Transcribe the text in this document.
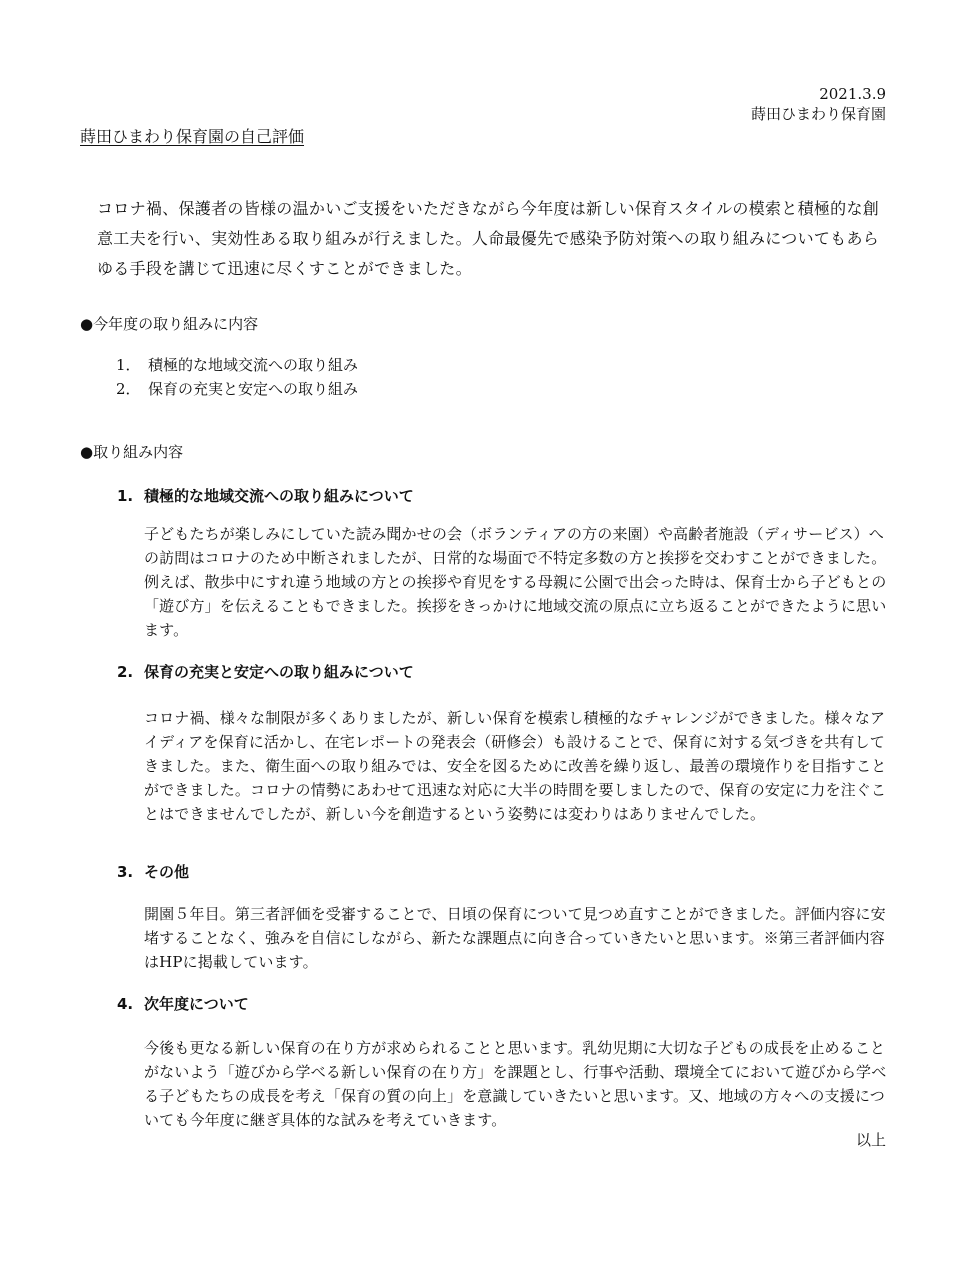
2021.3.9
蒔田ひまわり保育園
蒔田ひまわり保育園の自己評価

コロナ禍、保護者の皆様の温かいご支援をいただきながら今年度は新しい保育スタイルの模索と積極的な創意工夫を行い、実効性ある取り組みが行えました。人命最優先で感染予防対策への取り組みについてもあらゆる手段を講じて迅速に尽くすことができました。

●今年度の取り組みに内容
1． 積極的な地域交流への取り組み
2． 保育の充実と安定への取り組み
●取り組み内容
1. 積極的な地域交流への取り組みについて

子どもたちが楽しみにしていた読み聞かせの会（ボランティアの方の来園）や高齢者施設（ディサービス）への訪問はコロナのため中断されましたが、日常的な場面で不特定多数の方と挨拶を交わすことができました。例えば、散歩中にすれ違う地域の方との挨拶や育児をする母親に公園で出会った時は、保育士から子どもとの「遊び方」を伝えることもできました。挨拶をきっかけに地域交流の原点に立ち返ることができたように思います。

2. 保育の充実と安定への取り組みについて

コロナ禍、様々な制限が多くありましたが、新しい保育を模索し積極的なチャレンジができました。様々なアイディアを保育に活かし、在宅レポートの発表会（研修会）も設けることで、保育に対する気づきを共有してきました。また、衛生面への取り組みでは、安全を図るために改善を繰り返し、最善の環境作りを目指すことができました。コロナの情勢にあわせて迅速な対応に大半の時間を要しましたので、保育の安定に力を注ぐことはできませんでしたが、新しい今を創造するという姿勢には変わりはありませんでした。

3. その他

開園５年目。第三者評価を受審することで、日頃の保育について見つめ直すことができました。評価内容に安堵することなく、強みを自信にしながら、新たな課題点に向き合っていきたいと思います。※第三者評価内容はHPに掲載しています。

4. 次年度について

今後も更なる新しい保育の在り方が求められることと思います。乳幼児期に大切な子どもの成長を止めることがないよう「遊びから学べる新しい保育の在り方」を課題とし、行事や活動、環境全てにおいて遊びから学べる子どもたちの成長を考え「保育の質の向上」を意識していきたいと思います。又、地域の方々への支援についても今年度に継ぎ具体的な試みを考えていきます。

以上
